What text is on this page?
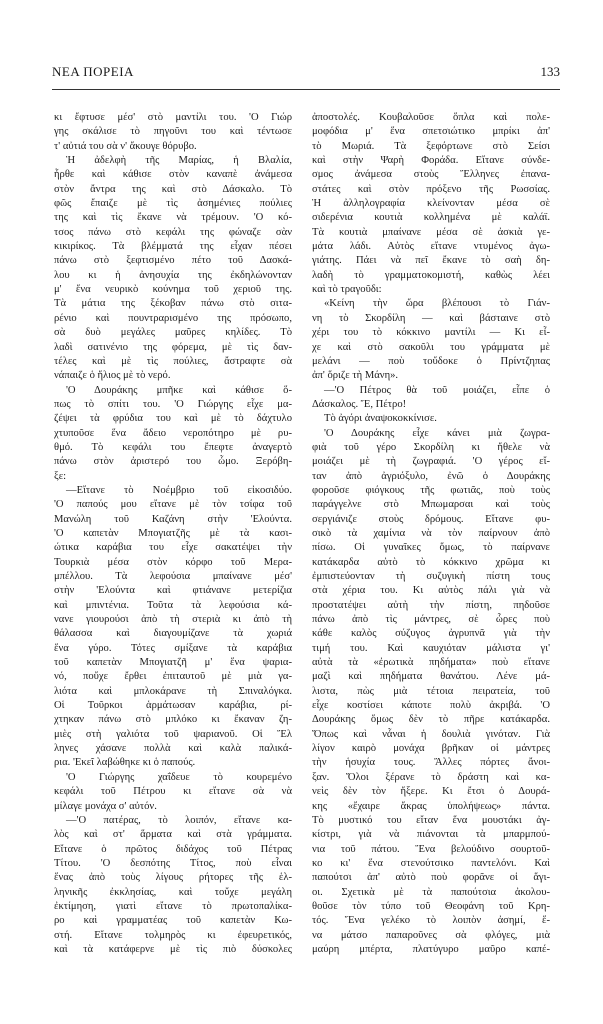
ΝΕΑ ΠΟΡΕΙΑ	133
κι ἔφτυσε μέσ' στὸ μαντίλι του. 'Ο Γιώρ
γης σκάλισε τὸ πηγοῦνι του καὶ τέντωσε
τ' αὐτιά του σὰ ν' ἄκουγε θόρυβο.
Ἡ ἀδελφὴ τῆς Μαρίας, ἡ Βλαλία,
ἦρθε καὶ κάθισε στὸν καναπὲ ἀνάμεσα
στὸν ἄντρα της καὶ στὸ Δάσκαλο. Τὸ
φῶς ἔπαιζε μὲ τὶς ἀσημένιες πούλιες
της καὶ τὶς ἔκανε νὰ τρέμουν. 'Ο κό-
τσος πάνω στὸ κεφάλι της φώναζε σὰν
κικιρίκος. Τὰ βλέμματά της εἶχαν πέσει
πάνω στὸ ξεφτισμένο πέτο τοῦ Δασκά-
λου κι ἡ ἀνησυχία της ἐκδηλώνονταν
μ' ἕνα νευρικὸ κούνημα τοῦ χεριοῦ της.
Τὰ μάτια της ξέκοβαν πάνω στὸ σιτα-
ρένιο καὶ πουντραρισμένο της πρόσωπο,
σὰ δυὸ μεγάλες μαῦρες κηλίδες. Τὸ
λαδὶ σατινένιο της φόρεμα, μὲ τὶς δαν-
τέλες καὶ μὲ τὶς πούλιες, ἄστραφτε σὰ
νάπαιζε ὁ ἥλιος μὲ τὸ νερό.
'Ο Δουράκης μπῆκε καὶ κάθισε ὅ-
πως τὸ σπίτι του. 'Ο Γιώργης εἶχε μα-
ζέψει τὰ φρύδια του καὶ μὲ τὸ δάχτυλο
χτυποῦσε ἕνα ἄδειο νεροπότηρο μὲ ρυ-
θμό. Τὸ κεφάλι του ἔπεφτε ἀναγερτὸ
πάνω στὸν ἀριστερό του ὦμο. Ξερόβη-
ξε:
—Εἴτανε τὸ Νοέμβριο τοῦ εἰκοσιδύο.
'Ο παπούς μου εἴτανε μὲ τὸν τσίφα τοῦ
Μανώλη τοῦ Καζάνη στὴν 'Ελούντα.
'Ο καπετὰν Μπογιατζῆς μὲ τὰ κασι-
ώτικα καράβια του εἶχε σακατέψει τὴν
Τουρκιὰ μέσα στὸν κόρφο τοῦ Μερα-
μπέλλου. Τὰ λεφούσια μπαίνανε μέσ'
στὴν 'Ελούντα καὶ φτιάνανε μετερίζια
καὶ μπιντένια. Τοῦτα τὰ λεφούσια κά-
νανε γιουρούσι ἀπὸ τὴ στεριὰ κι ἀπὸ τὴ
θάλασσα καὶ διαγουμίζανε τὰ χωριά
ἕνα γύρο. Τότες σμίξανε τὰ καράβια
τοῦ καπετὰν Μπογιατζῆ μ' ἕνα ψαρια-
νό, ποὔχε ἔρθει ἐπιταυτοῦ μὲ μιὰ γα-
λιότα καὶ μπλοκάρανε τὴ Σπιναλόγκα.
Οἱ Τοῦρκοι ἁρμάτωσαν καράβια, ρί-
χτηκαν πάνω στὸ μπλόκο κι ἔκαναν ζη-
μιὲς στὴ γαλιότα τοῦ ψαριανοῦ. Οἱ Ἕλ
ληνες χάσανε πολλὰ καὶ καλὰ παλικά-
ρια. 'Εκεῖ λαβώθηκε κι ὁ παπούς.
'Ο Γιώργης χαΐδευε τὸ κουρεμένο
κεφάλι τοῦ Πέτρου κι εἴτανε σὰ νὰ
μίλαγε μονάχα σ' αὐτόν.
—'Ο πατέρας, τὸ λοιπόν, εἴτανε κα-
λὸς καὶ στ' ἅρματα καὶ στὰ γράμματα.
Εἴτανε ὁ πρῶτος διδάχος τοῦ Πέτρας
Τίτου. 'Ο δεσπότης Τίτος, ποὺ εἶναι
ἕνας ἀπὸ τοὺς λίγους ρήτορες τῆς ἑλ-
ληνικῆς ἐκκλησίας, καὶ τοὔχε μεγάλη
ἐκτίμηση, γιατὶ εἴτανε τὸ πρωτοπαλίκα-
ρο καὶ γραμματέας τοῦ καπετὰν Κω-
στή. Εἴτανε τολμηρὸς κι ἐφευρετικός,
καὶ τὰ κατάφερνε μὲ τὶς πιὸ δύσκολες
ἀποστολές. Κουβαλοῦσε ὅπλα καὶ πολε-
μοφόδια μ' ἕνα σπετσιώτικο μπρίκι ἀπ'
τὸ Μωριά. Τὰ ξεφόρτωνε στὸ Σείσι
καὶ στὴν Ψαρὴ Φοράδα. Εἴτανε σύνδε-
σμος ἀνάμεσα στοὺς Ἕλληνες ἐπανα-
στάτες καὶ στὸν πρόξενο τῆς Ρωσσίας.
Ἡ ἀλληλογραφία κλείνονταν μέσα σὲ
σιδερένια κουτιὰ κολλημένα μὲ καλάϊ.
Τὰ κουτιὰ μπαίνανε μέσα σὲ ἀσκιὰ γε-
μάτα λάδι. Αὐτὸς εἴτανε ντυμένος ἀγω-
γιάτης. Πάει νὰ πεῖ ἔκανε τὸ σαὴ δη-
λαδὴ τὸ γραμματοκομιστή, καθὼς λέει
καὶ τὸ τραγοῦδι:
«Κείνη τὴν ὥρα βλέπουσι τὸ Γιάν-
νη τὸ Σκορδίλη — καὶ βάσταινε στὸ
χέρι του τὸ κόκκινο μαντίλι — Κι εἶ-
χε καὶ στὸ σακοῦλι του γράμματα μὲ
μελάνι — ποὺ τοὔδοκε ὁ Πρίντζηπας
ἀπ' ὅριζε τὴ Μάνη».
—'Ο Πέτρος θὰ τοῦ μοιάζει, εἶπε ὁ
Δάσκαλος. Ἔ, Πέτρο!
Τὸ ἀγόρι ἀναψοκοκκίνισε.
'Ο Δουράκης εἶχε κάνει μιὰ ζωγρα-
φιὰ τοῦ γέρο Σκορδίλη κι ἤθελε νὰ
μοιάζει μὲ τὴ ζωγραφιά. 'Ο γέρος εἴ-
ταν ἀπὸ ἀγριόξυλο, ἐνῶ ὁ Δουράκης
φοροῦσε φιόγκους τῆς φωτιᾶς, ποὺ τοὺς
παράγγελνε στὸ Μπωμαρσαι καὶ τοὺς
σεργιάνιζε στοὺς δρόμους. Εἴτανε φυ-
σικὸ τὰ χαμίνια νὰ τὸν παίρνουν ἀπὸ
πίσω. Οἱ γυναῖκες ὅμως, τὸ παίρνανε
κατάκαρδα αὐτὸ τὸ κόκκινο χρῶμα κι
ἐμπιστεύονταν τὴ συζυγικὴ πίστη τους
στὰ χέρια του. Κι αὐτὸς πάλι γιὰ νὰ
προστατέψει αὐτὴ τὴν πίστη, πηδοῦσε
πάνω ἀπὸ τὶς μάντρες, σὲ ὧρες ποὺ
κάθε καλὸς σύζυγος ἀγρυπνᾶ γιὰ τὴν
τιμή του. Καὶ καυχιόταν μάλιστα γι'
αὐτὰ τὰ «ἐρωτικὰ πηδήματα» ποὺ εἴτανε
μαζὶ καὶ πηδήματα θανάτου. Λένε μά-
λιστα, πὼς μιὰ τέτοια πειρατεία, τοῦ
εἶχε κοστίσει κάποτε πολὺ ἀκριβά. 'Ο
Δουράκης ὅμως δὲν τὸ πῆρε κατάκαρδα.
Ὅπως καὶ νἆναι ἡ δουλιὰ γινόταν. Γιὰ
λίγον καιρὸ μονάχα βρῆκαν οἱ μάντρες
τὴν ἡσυχία τους. Ἄλλες πόρτες ἄνοι-
ξαν. Ὅλοι ξέρανε τὸ δράστη καὶ κα-
νεὶς δὲν τὸν ἤξερε. Κι ἔτσι ὁ Δουρά-
κης «ἔχαιρε ἄκρας ὑπολήψεως» πάντα.
Τὸ μυστικό του εἴταν ἕνα μουστάκι ἀγ-
κίστρι, γιὰ νὰ πιάνονται τὰ μπαρμπού-
νια τοῦ πάτου. Ἕνα βελούδινο σουρτοῦ-
κο κι' ἕνα στενούτσικο παντελόνι. Καὶ
παπούτσι ἀπ' αὐτὸ ποὺ φορᾶνε οἱ ἅγι-
οι. Σχετικὰ μὲ τὰ παπούτσια ἀκολου-
θοῦσε τὸν τύπο τοῦ Θεοφάνη τοῦ Κρη-
τός. Ἕνα γελέκο τὸ λοιπὸν ἀσημί, ἕ-
να μάτσο παπαροῦνες σὰ φλόγες, μιὰ
μαύρη μπέρτα, πλατύγυρο μαῦρο καπέ-
